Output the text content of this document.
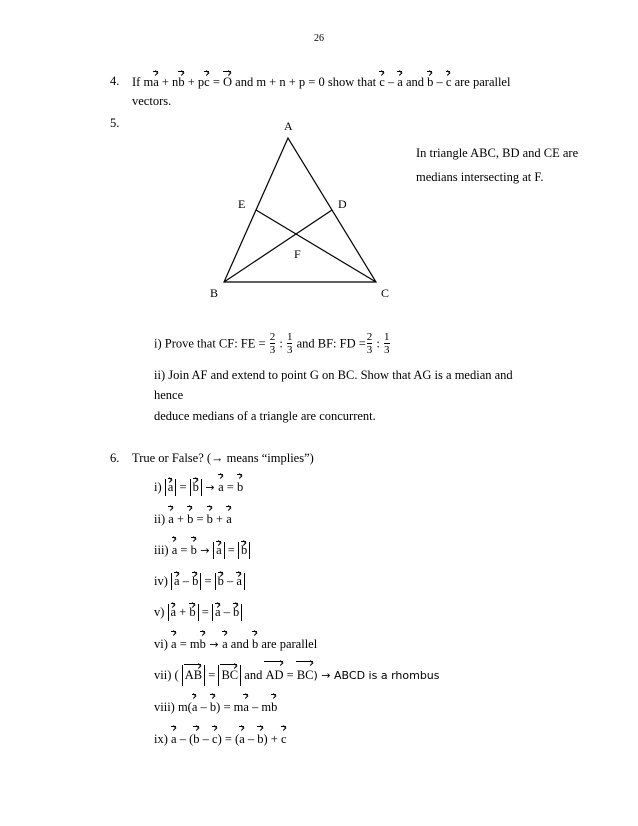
26
4.	If ma + nb + pc = O and m + n + p = 0 show that c – a and b – c are parallel
vectors.
5.	A
B	C
D
E
F
In triangle ABC, BD and CE are medians intersecting at F.
i) Prove that CF: FE = $\frac{2}{3}$ : $\frac{1}{3}$ and BF: FD = $\frac{2}{3}$ : $\frac{1}{3}$
ii) Join AF and extend to point G on BC. Show that AG is a median and hence
deduce medians of a triangle are concurrent.
6.	True or False? (→ means “implies”)
i) a = b → a = b
ii) a + b = b + a
iii) a = b → a = b
iv) a – b = b – a
v) a + b = a – b
vi) a = mb → a and b are parallel
vii) ( AB = BC and AD = BC) → ABCD is a rhombus
viii) m(a – b) = ma – mb
ix) a – (b – c) = (a – b) + c
